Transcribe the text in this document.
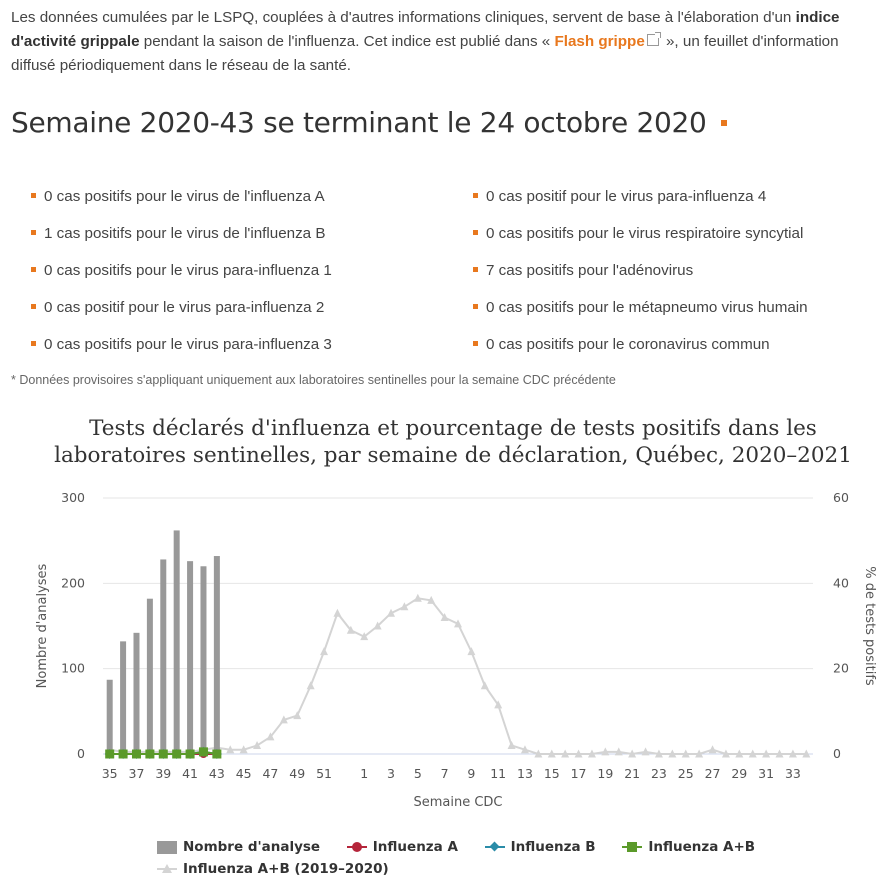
Les données cumulées par le LSPQ, couplées à d'autres informations cliniques, servent de base à l'élaboration d'un indice d'activité grippale pendant la saison de l'influenza. Cet indice est publié dans « Flash grippe », un feuillet d'information diffusé périodiquement dans le réseau de la santé.
Semaine 2020-43 se terminant le 24 octobre 2020
0 cas positifs pour le virus de l'influenza A
1 cas positifs pour le virus de l'influenza B
0 cas positifs pour le virus para-influenza 1
0 cas positif pour le virus para-influenza 2
0 cas positifs pour le virus para-influenza 3
0 cas positif pour le virus para-influenza 4
0 cas positifs pour le virus respiratoire syncytial
7 cas positifs pour l'adénovirus
0 cas positifs pour le métapneumo virus humain
0 cas positifs pour le coronavirus commun
* Données provisoires s'appliquant uniquement aux laboratoires sentinelles pour la semaine CDC précédente
Tests déclarés d'influenza et pourcentage de tests positifs dans les
laboratoires sentinelles, par semaine de déclaration, Québec, 2020–2021
0
100
200
300
0
20
40
60
35 37 39 41 43 45 47 49 51 1 3 5 7 9 11 13 15 17 19 21 23 25 27 29 31 33
Semaine CDC
Nombre d'analyses	% de tests positifs
Nombre d'analyse	Influenza A	Influenza B	Influenza A+B Influenza A+B (2019–2020)
